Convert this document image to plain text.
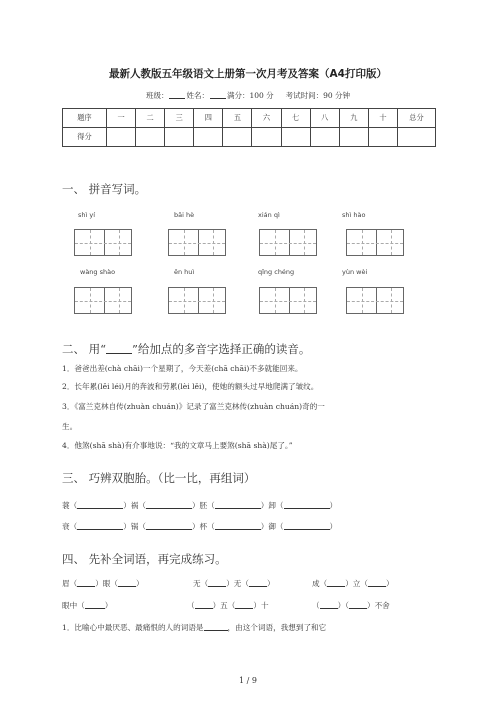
最新人教版五年级语文上册第一次月考及答案（A4打印版）
班级： 姓名： 满分：100 分 考试时间：90 分钟
题序	一	二	三	四	五	六	七	八	九	十	总分
得分											
一、 拼音写词。
shì yí	bāi hè	xián qì	shì hào
wàng shào	ēn huì	qǐng chéng	yùn wèi
二、 用“ ”给加点的多音字选择正确的读音。
1．爸爸出差(chà chāi)一个星期了，今天差(chā chāi)不多就能回来。
2．长年累(lěi léi)月的奔波和劳累(lèi lěi)，使她的额头过早地爬满了皱纹。
3．《富兰克林自传(zhuàn chuán)》记录了富兰克林传(zhuàn chuán)奇的一
生。
4．他煞(shā shà)有介事地说：“我的文章马上要煞(shā shà)尾了。”
三、 巧辨双胞胎。（比一比，再组词）
蓑（	）祸（	）胚（	）卸（	）
衰（	）锅（	）杯（	）御（	）
四、 先补全词语，再完成练习。
眉（ ）眼（ ）	无（ ）无（ ）	成（ ）立（ ）
眼中（	）	（ ）五（ ）十	（ ）（ ）不舍
1．比喻心中最厌恶、最痛恨的人的词语是	，由这个词语，我想到了和它
1 / 9
